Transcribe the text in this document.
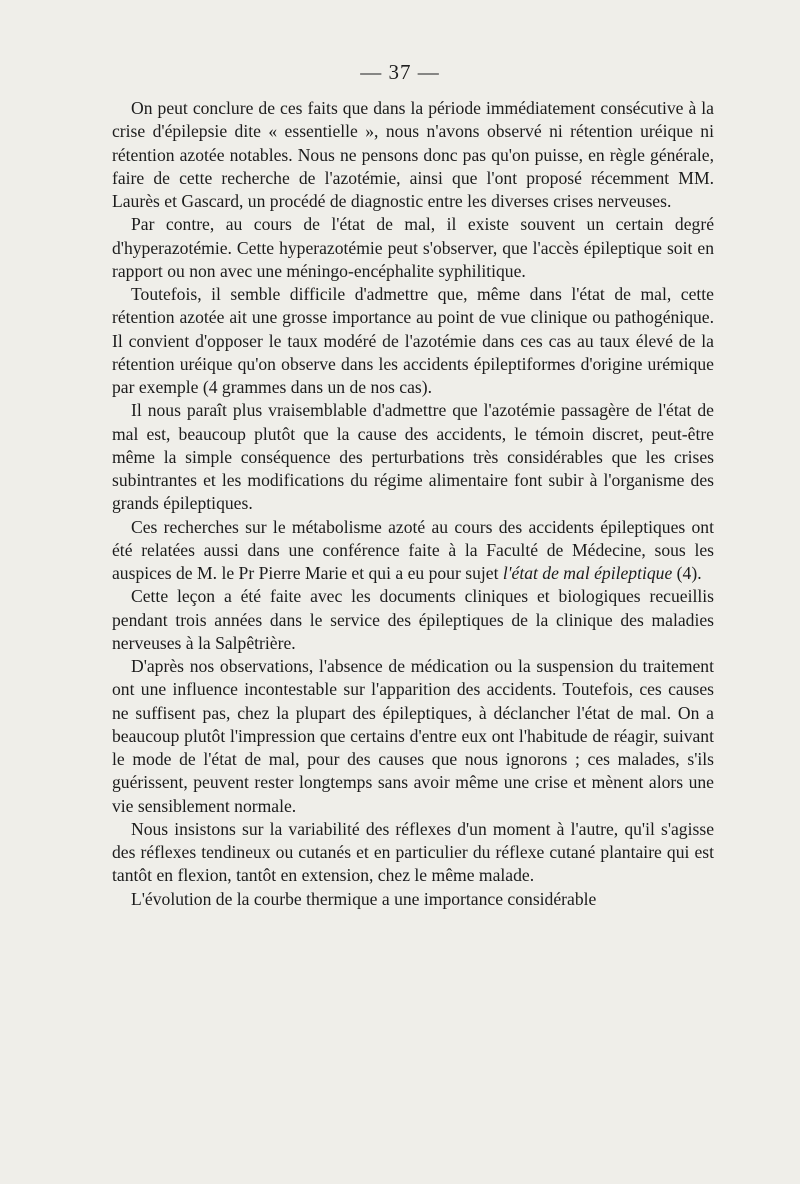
— 37 —

On peut conclure de ces faits que dans la période immédiatement consécutive à la crise d'épilepsie dite « essentielle », nous n'avons observé ni rétention uréique ni rétention azotée notables. Nous ne pensons donc pas qu'on puisse, en règle générale, faire de cette recherche de l'azotémie, ainsi que l'ont proposé récemment MM. Laurès et Gascard, un procédé de diagnostic entre les diverses crises nerveuses.

Par contre, au cours de l'état de mal, il existe souvent un certain degré d'hyperazotémie. Cette hyperazotémie peut s'observer, que l'accès épileptique soit en rapport ou non avec une méningo-encéphalite syphilitique.

Toutefois, il semble difficile d'admettre que, même dans l'état de mal, cette rétention azotée ait une grosse importance au point de vue clinique ou pathogénique. Il convient d'opposer le taux modéré de l'azotémie dans ces cas au taux élevé de la rétention uréique qu'on observe dans les accidents épileptiformes d'origine urémique par exemple (4 grammes dans un de nos cas).

Il nous paraît plus vraisemblable d'admettre que l'azotémie passagère de l'état de mal est, beaucoup plutôt que la cause des accidents, le témoin discret, peut-être même la simple conséquence des perturbations très considérables que les crises subintrantes et les modifications du régime alimentaire font subir à l'organisme des grands épileptiques.

Ces recherches sur le métabolisme azoté au cours des accidents épileptiques ont été relatées aussi dans une conférence faite à la Faculté de Médecine, sous les auspices de M. le Pr Pierre Marie et qui a eu pour sujet l'état de mal épileptique (4).

Cette leçon a été faite avec les documents cliniques et biologiques recueillis pendant trois années dans le service des épileptiques de la clinique des maladies nerveuses à la Salpêtrière.

D'après nos observations, l'absence de médication ou la suspension du traitement ont une influence incontestable sur l'apparition des accidents. Toutefois, ces causes ne suffisent pas, chez la plupart des épileptiques, à déclancher l'état de mal. On a beaucoup plutôt l'impression que certains d'entre eux ont l'habitude de réagir, suivant le mode de l'état de mal, pour des causes que nous ignorons ; ces malades, s'ils guérissent, peuvent rester longtemps sans avoir même une crise et mènent alors une vie sensiblement normale.

Nous insistons sur la variabilité des réflexes d'un moment à l'autre, qu'il s'agisse des réflexes tendineux ou cutanés et en particulier du réflexe cutané plantaire qui est tantôt en flexion, tantôt en extension, chez le même malade.

L'évolution de la courbe thermique a une importance considérable
